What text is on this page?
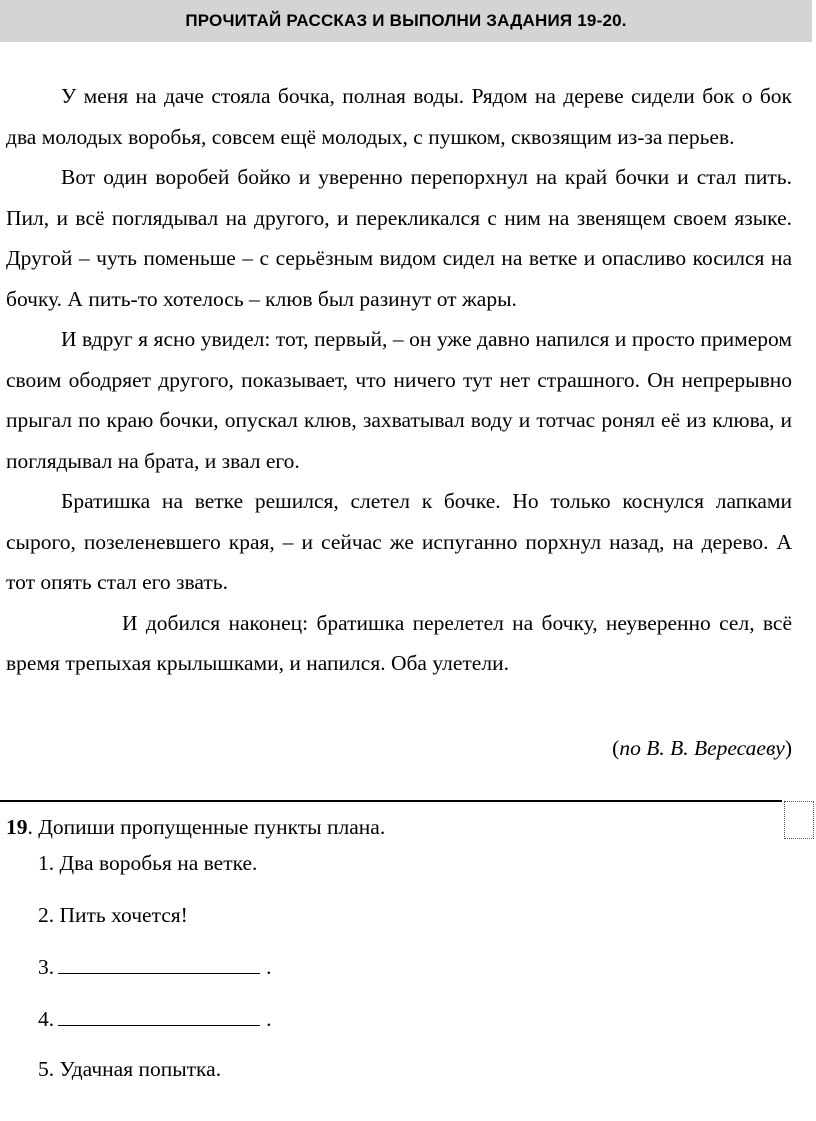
ПРОЧИТАЙ РАССКАЗ И ВЫПОЛНИ ЗАДАНИЯ 19-20.

У меня на даче стояла бочка, полная воды. Рядом на дереве сидели бок о бок два молодых воробья, совсем ещё молодых, с пушком, сквозящим из-за перьев.

Вот один воробей бойко и уверенно перепорхнул на край бочки и стал пить. Пил, и всё поглядывал на другого, и перекликался с ним на звенящем своем языке. Другой – чуть поменьше – с серьёзным видом сидел на ветке и опасливо косился на бочку. А пить-то хотелось – клюв был разинут от жары.

И вдруг я ясно увидел: тот, первый, – он уже давно напился и просто примером своим ободряет другого, показывает, что ничего тут нет страшного. Он непрерывно прыгал по краю бочки, опускал клюв, захватывал воду и тотчас ронял её из клюва, и поглядывал на брата, и звал его.

Братишка на ветке решился, слетел к бочке. Но только коснулся лапками сырого, позеленевшего края, – и сейчас же испуганно порхнул назад, на дерево. А тот опять стал его звать.

И добился наконец: братишка перелетел на бочку, неуверенно сел, всё время трепыхая крылышками, и напился. Оба улетели.

(по В. В. Вересаеву)
19 . Допиши пропущенные пункты плана.
1. Два воробья на ветке.
2. Пить хочется!
3.	.
4.	.
5. Удачная попытка.
